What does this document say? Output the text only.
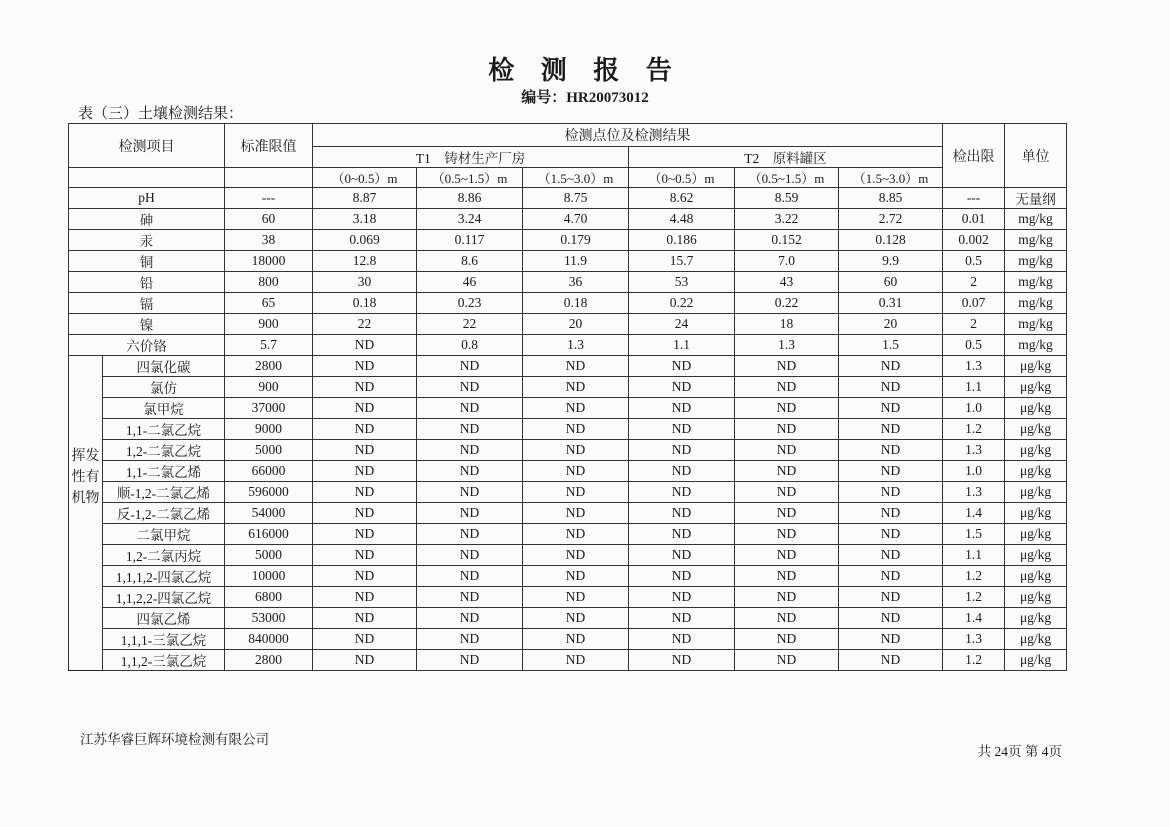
检 测 报 告
编号：HR20073012
表（三）土壤检测结果：
检测项目		标准限值	检测点位及检测结果						检出限	单位
			T1　铸材生产厂房			T2　原料罐区				
			（0~0.5）m	（0.5~1.5）m	（1.5~3.0）m	（0~0.5）m	（0.5~1.5）m	（1.5~3.0）m		
pH		---	8.87	8.86	8.75	8.62	8.59	8.85	---	无量纲
砷		60	3.18	3.24	4.70	4.48	3.22	2.72	0.01	mg/kg
汞		38	0.069	0.117	0.179	0.186	0.152	0.128	0.002	mg/kg
铜		18000	12.8	8.6	11.9	15.7	7.0	9.9	0.5	mg/kg
铅		800	30	46	36	53	43	60	2	mg/kg
镉		65	0.18	0.23	0.18	0.22	0.22	0.31	0.07	mg/kg
镍		900	22	22	20	24	18	20	2	mg/kg
六价铬		5.7	ND	0.8	1.3	1.1	1.3	1.5	0.5	mg/kg
挥发性有机物	四氯化碳	2800	ND	ND	ND	ND	ND	ND	1.3	μg/kg
	氯仿	900	ND	ND	ND	ND	ND	ND	1.1	μg/kg
	氯甲烷	37000	ND	ND	ND	ND	ND	ND	1.0	μg/kg
	1,1-二氯乙烷	9000	ND	ND	ND	ND	ND	ND	1.2	μg/kg
	1,2-二氯乙烷	5000	ND	ND	ND	ND	ND	ND	1.3	μg/kg
	1,1-二氯乙烯	66000	ND	ND	ND	ND	ND	ND	1.0	μg/kg
	顺-1,2-二氯乙烯	596000	ND	ND	ND	ND	ND	ND	1.3	μg/kg
	反-1,2-二氯乙烯	54000	ND	ND	ND	ND	ND	ND	1.4	μg/kg
	二氯甲烷	616000	ND	ND	ND	ND	ND	ND	1.5	μg/kg
	1,2-二氯丙烷	5000	ND	ND	ND	ND	ND	ND	1.1	μg/kg
	1,1,1,2-四氯乙烷	10000	ND	ND	ND	ND	ND	ND	1.2	μg/kg
	1,1,2,2-四氯乙烷	6800	ND	ND	ND	ND	ND	ND	1.2	μg/kg
	四氯乙烯	53000	ND	ND	ND	ND	ND	ND	1.4	μg/kg
	1,1,1-三氯乙烷	840000	ND	ND	ND	ND	ND	ND	1.3	μg/kg
	1,1,2-三氯乙烷	2800	ND	ND	ND	ND	ND	ND	1.2	μg/kg
江苏华睿巨辉环境检测有限公司
共 24页 第 4页
